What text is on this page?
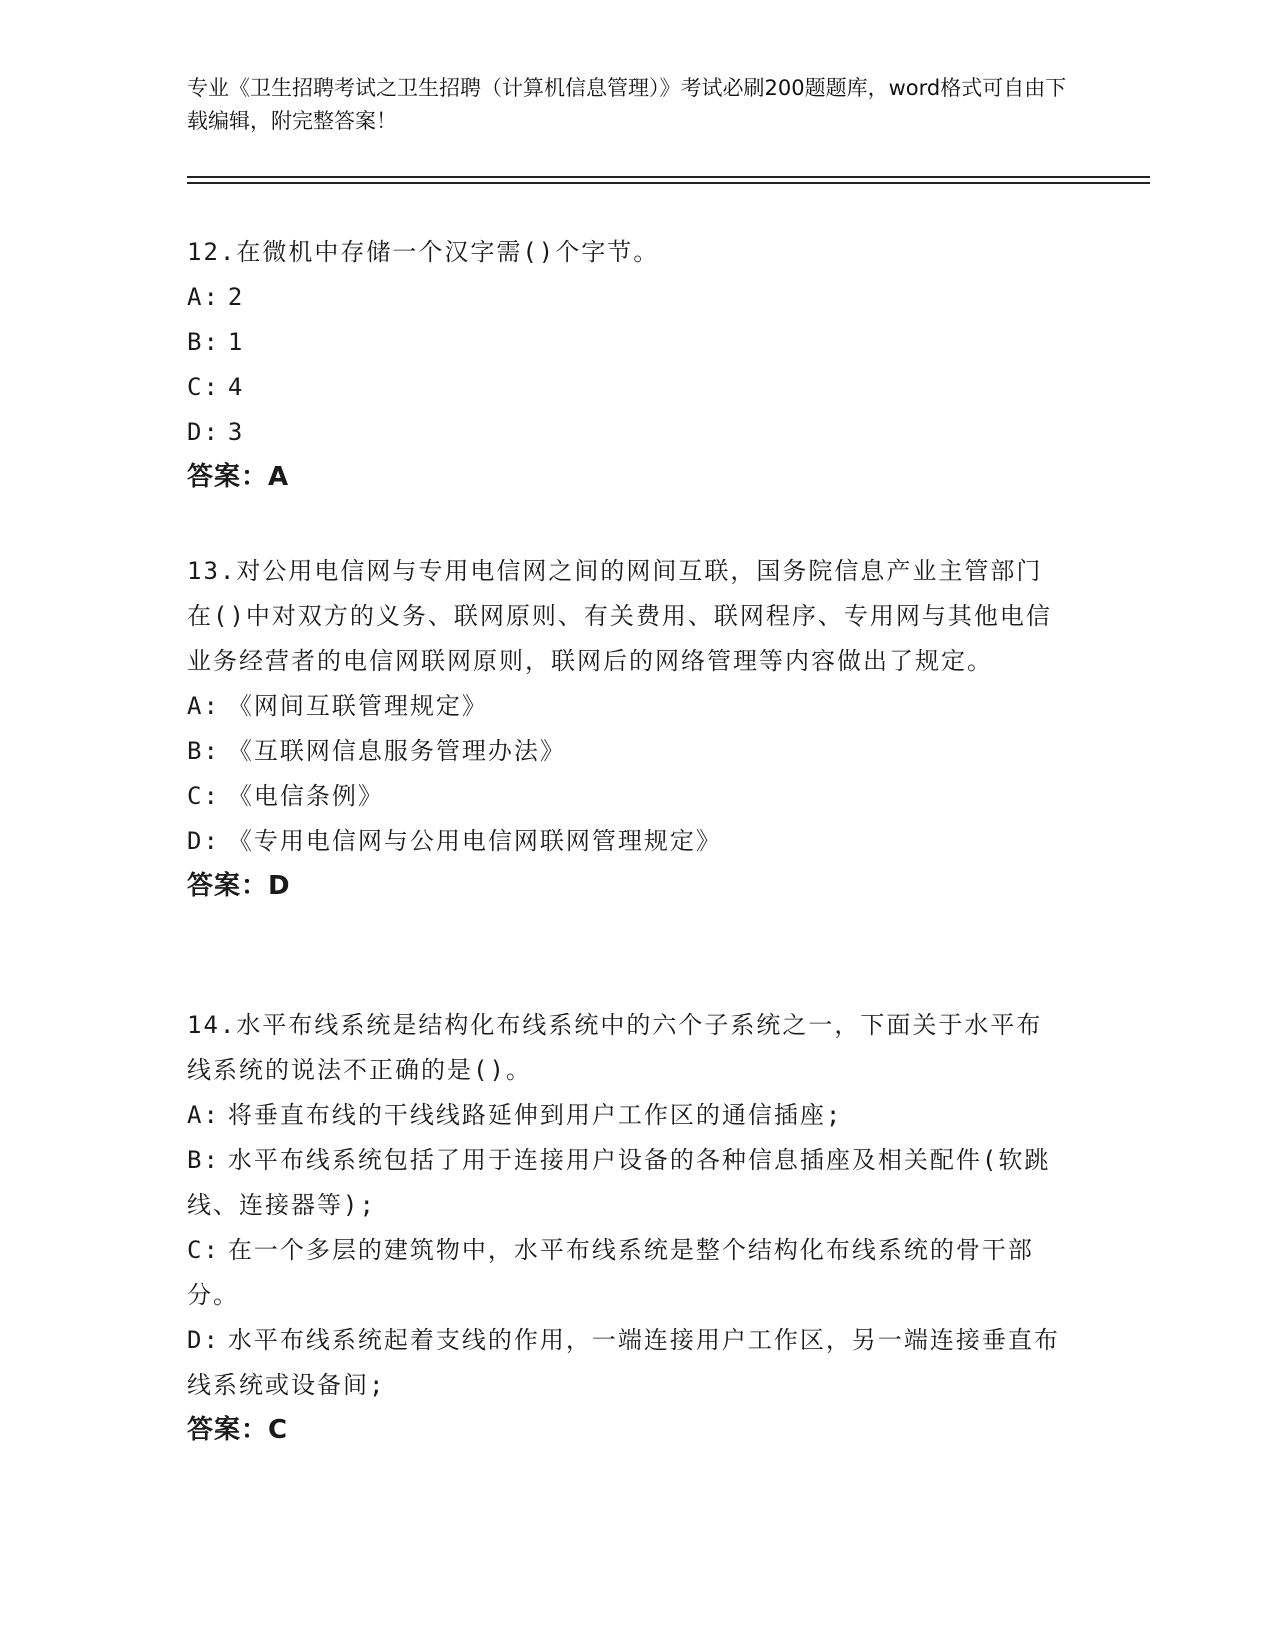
专业《卫生招聘考试之卫生招聘（计算机信息管理）》考试必刷200题题库，word格式可自由下载编辑，附完整答案！
12.在微机中存储一个汉字需()个字节。
A: 2
B: 1
C: 4
D: 3
答案：A
13.对公用电信网与专用电信网之间的网间互联，国务院信息产业主管部门在()中对双方的义务、联网原则、有关费用、联网程序、专用网与其他电信业务经营者的电信网联网原则，联网后的网络管理等内容做出了规定。
A: 《网间互联管理规定》
B: 《互联网信息服务管理办法》
C: 《电信条例》
D: 《专用电信网与公用电信网联网管理规定》
答案：D
14.水平布线系统是结构化布线系统中的六个子系统之一，下面关于水平布线系统的说法不正确的是()。
A: 将垂直布线的干线线路延伸到用户工作区的通信插座;
B: 水平布线系统包括了用于连接用户设备的各种信息插座及相关配件(软跳线、连接器等);
C: 在一个多层的建筑物中，水平布线系统是整个结构化布线系统的骨干部分。
D: 水平布线系统起着支线的作用，一端连接用户工作区，另一端连接垂直布线系统或设备间;
答案：C
